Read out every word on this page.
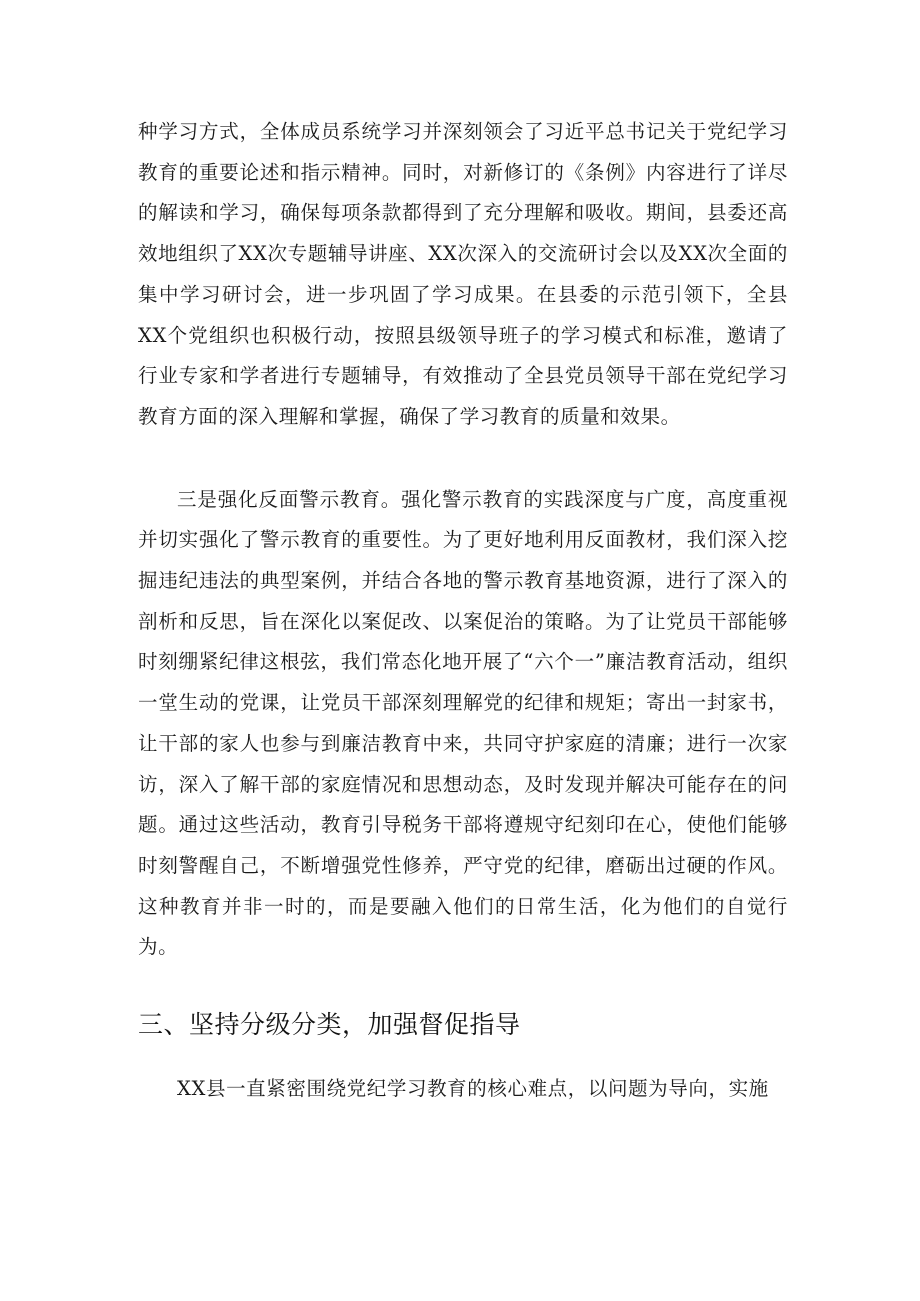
种学习方式，全体成员系统学习并深刻领会了习近平总书记关于党纪学习教育的重要论述和指示精神。同时，对新修订的《条例》内容进行了详尽的解读和学习，确保每项条款都得到了充分理解和吸收。期间，县委还高效地组织了XX次专题辅导讲座、XX次深入的交流研讨会以及XX次全面的集中学习研讨会，进一步巩固了学习成果。在县委的示范引领下，全县XX个党组织也积极行动，按照县级领导班子的学习模式和标准，邀请了行业专家和学者进行专题辅导，有效推动了全县党员领导干部在党纪学习教育方面的深入理解和掌握，确保了学习教育的质量和效果。

三是强化反面警示教育。强化警示教育的实践深度与广度，高度重视并切实强化了警示教育的重要性。为了更好地利用反面教材，我们深入挖掘违纪违法的典型案例，并结合各地的警示教育基地资源，进行了深入的剖析和反思，旨在深化以案促改、以案促治的策略。为了让党员干部能够时刻绷紧纪律这根弦，我们常态化地开展了“六个一”廉洁教育活动，组织一堂生动的党课，让党员干部深刻理解党的纪律和规矩；寄出一封家书，让干部的家人也参与到廉洁教育中来，共同守护家庭的清廉；进行一次家访，深入了解干部的家庭情况和思想动态，及时发现并解决可能存在的问题。通过这些活动，教育引导税务干部将遵规守纪刻印在心，使他们能够时刻警醒自己，不断增强党性修养，严守党的纪律，磨砺出过硬的作风。这种教育并非一时的，而是要融入他们的日常生活，化为他们的自觉行为。

三、坚持分级分类，加强督促指导

XX县一直紧密围绕党纪学习教育的核心难点，以问题为导向，实施
